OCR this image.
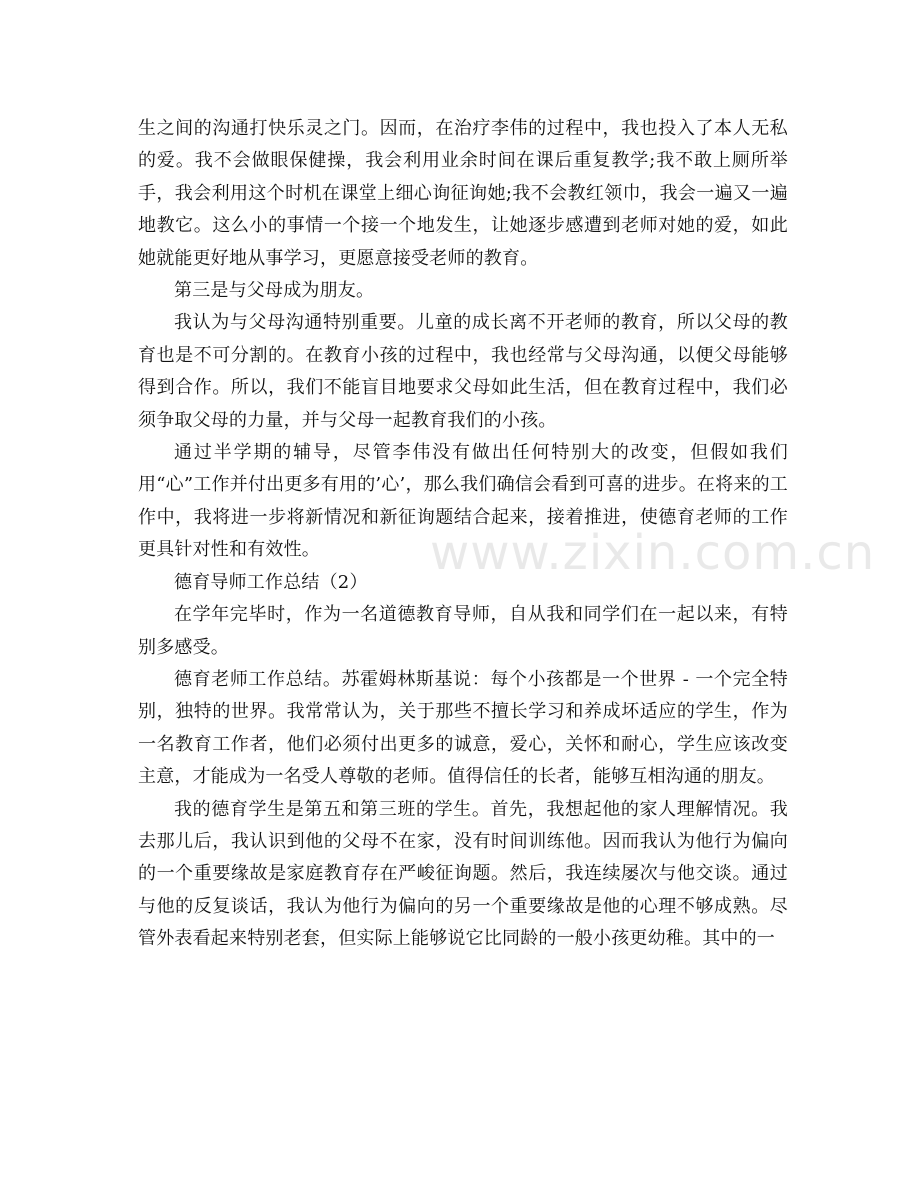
生之间的沟通打快乐灵之门。因而，在治疗李伟的过程中，我也投入了本人无私的爱。我不会做眼保健操，我会利用业余时间在课后重复教学;我不敢上厕所举手，我会利用这个时机在课堂上细心询征询她;我不会教红领巾，我会一遍又一遍地教它。这么小的事情一个接一个地发生，让她逐步感遭到老师对她的爱，如此她就能更好地从事学习，更愿意接受老师的教育。

第三是与父母成为朋友。

我认为与父母沟通特别重要。儿童的成长离不开老师的教育，所以父母的教育也是不可分割的。在教育小孩的过程中，我也经常与父母沟通，以便父母能够得到合作。所以，我们不能盲目地要求父母如此生活，但在教育过程中，我们必须争取父母的力量，并与父母一起教育我们的小孩。

通过半学期的辅导，尽管李伟没有做出任何特别大的改变，但假如我们用“心”工作并付出更多有用的’心’，那么我们确信会看到可喜的进步。在将来的工作中，我将进一步将新情况和新征询题结合起来，接着推进，使德育老师的工作更具针对性和有效性。

德育导师工作总结（2）

在学年完毕时，作为一名道德教育导师，自从我和同学们在一起以来，有特别多感受。

德育老师工作总结。苏霍姆林斯基说：每个小孩都是一个世界 - 一个完全特别，独特的世界。我常常认为，关于那些不擅长学习和养成坏适应的学生，作为一名教育工作者，他们必须付出更多的诚意，爱心，关怀和耐心，学生应该改变主意，才能成为一名受人尊敬的老师。值得信任的长者，能够互相沟通的朋友。

我的德育学生是第五和第三班的学生。首先，我想起他的家人理解情况。我去那儿后，我认识到他的父母不在家，没有时间训练他。因而我认为他行为偏向的一个重要缘故是家庭教育存在严峻征询题。然后，我连续屡次与他交谈。通过与他的反复谈话，我认为他行为偏向的另一个重要缘故是他的心理不够成熟。尽管外表看起来特别老套，但实际上能够说它比同龄的一般小孩更幼稚。其中的一

www.zixin.com.cn
